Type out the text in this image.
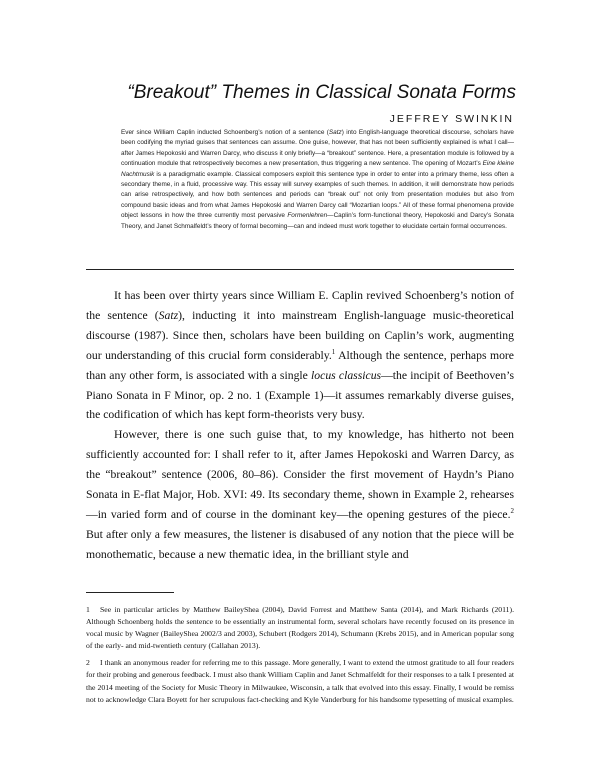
“Breakout” Themes in Classical Sonata Forms
JEFFREY SWINKIN

Ever since William Caplin inducted Schoenberg’s notion of a sentence (Satz) into English-language theoretical discourse, scholars have been codifying the myriad guises that sentences can assume. One guise, however, that has not been sufficiently explained is what I call—after James Hepokoski and Warren Darcy, who discuss it only briefly—a “breakout” sentence. Here, a presentation module is followed by a continuation module that retrospectively becomes a new presentation, thus triggering a new sentence. The opening of Mozart’s Eine kleine Nachtmusik is a paradigmatic example. Classical composers exploit this sentence type in order to enter into a primary theme, less often a secondary theme, in a fluid, processive way. This essay will survey examples of such themes. In addition, it will demonstrate how periods can arise retrospectively, and how both sentences and periods can “break out” not only from presentation modules but also from compound basic ideas and from what James Hepokoski and Warren Darcy call “Mozartian loops.” All of these formal phenomena provide object lessons in how the three currently most pervasive Formenlehren—Caplin’s form-functional theory, Hepokoski and Darcy’s Sonata Theory, and Janet Schmalfeldt’s theory of formal becoming—can and indeed must work together to elucidate certain formal occurrences.

It has been over thirty years since William E. Caplin revived Schoenberg’s notion of the sentence (Satz), inducting it into mainstream English-language music-theoretical discourse (1987). Since then, scholars have been building on Caplin’s work, augmenting our understanding of this crucial form considerably.$^1$ Although the sentence, perhaps more than any other form, is associated with a single locus classicus—the incipit of Beethoven’s Piano Sonata in F Minor, op. 2 no. 1 (Example 1)—it assumes remarkably diverse guises, the codification of which has kept form-theorists very busy.

However, there is one such guise that, to my knowledge, has hitherto not been sufficiently accounted for: I shall refer to it, after James Hepokoski and Warren Darcy, as the “breakout” sentence (2006, 80–86). Consider the first movement of Haydn’s Piano Sonata in E-flat Major, Hob. XVI: 49. Its secondary theme, shown in Example 2, rehearses—in varied form and of course in the dominant key—the opening gestures of the piece.$^2$ But after only a few measures, the listener is disabused of any notion that the piece will be monothematic, because a new thematic idea, in the brilliant style and

1 See in particular articles by Matthew BaileyShea (2004), David Forrest and Matthew Santa (2014), and Mark Richards (2011). Although Schoenberg holds the sentence to be essentially an instrumental form, several scholars have recently focused on its presence in vocal music by Wagner (BaileyShea 2002/3 and 2003), Schubert (Rodgers 2014), Schumann (Krebs 2015), and in American popular song of the early- and mid-twentieth century (Callahan 2013).

2 I thank an anonymous reader for referring me to this passage. More generally, I want to extend the utmost gratitude to all four readers for their probing and generous feedback. I must also thank William Caplin and Janet Schmalfeldt for their responses to a talk I presented at the 2014 meeting of the Society for Music Theory in Milwaukee, Wisconsin, a talk that evolved into this essay. Finally, I would be remiss not to acknowledge Clara Boyett for her scrupulous fact-checking and Kyle Vanderburg for his handsome typesetting of musical examples.
